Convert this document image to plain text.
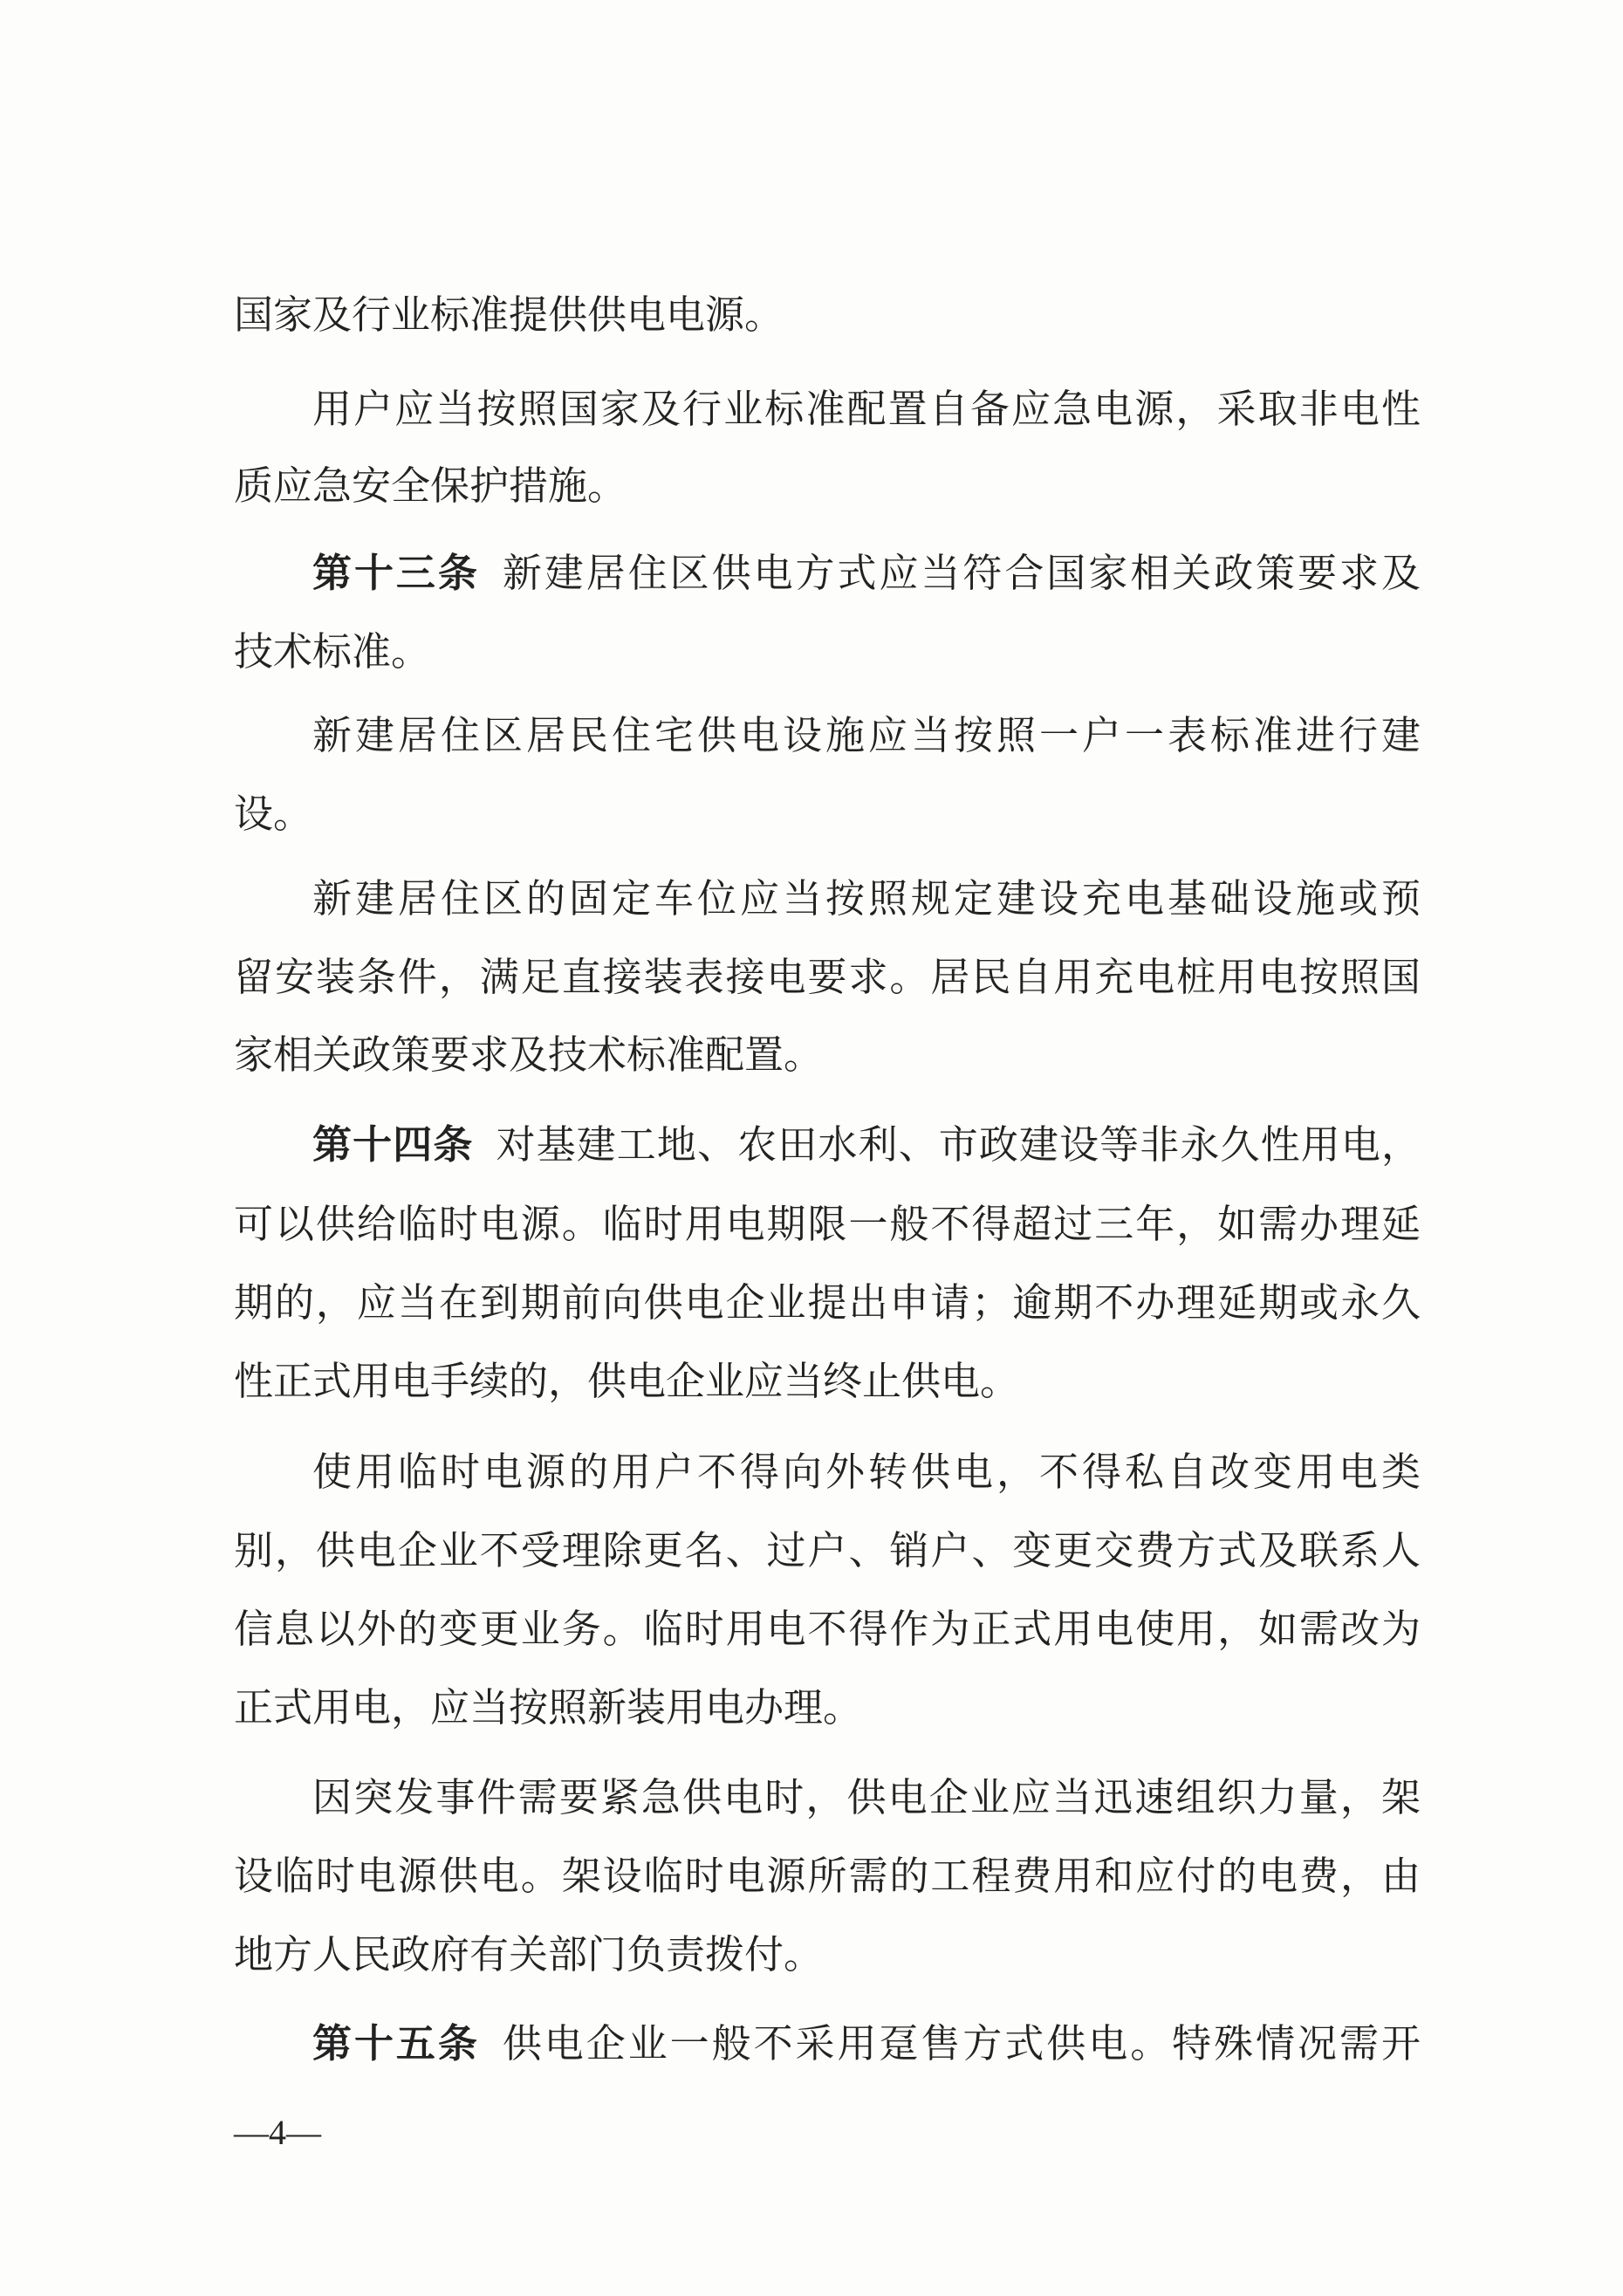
国家及行业标准提供供电电源。
用户应当按照国家及行业标准配置自备应急电源，采取非电性
质应急安全保护措施。
第十三条 新建居住区供电方式应当符合国家相关政策要求及
技术标准。
新建居住区居民住宅供电设施应当按照一户一表标准进行建
设。
新建居住区的固定车位应当按照规定建设充电基础设施或预
留安装条件，满足直接装表接电要求。居民自用充电桩用电按照国
家相关政策要求及技术标准配置。
第十四条 对基建工地、农田水利、市政建设等非永久性用电，
可以供给临时电源。临时用电期限一般不得超过三年，如需办理延
期的，应当在到期前向供电企业提出申请；逾期不办理延期或永久
性正式用电手续的，供电企业应当终止供电。
使用临时电源的用户不得向外转供电，不得私自改变用电类
别，供电企业不受理除更名、过户、销户、变更交费方式及联系人
信息以外的变更业务。临时用电不得作为正式用电使用，如需改为
正式用电，应当按照新装用电办理。
因突发事件需要紧急供电时，供电企业应当迅速组织力量，架
设临时电源供电。架设临时电源所需的工程费用和应付的电费，由
地方人民政府有关部门负责拨付。
第十五条 供电企业一般不采用趸售方式供电。特殊情况需开
—4—
